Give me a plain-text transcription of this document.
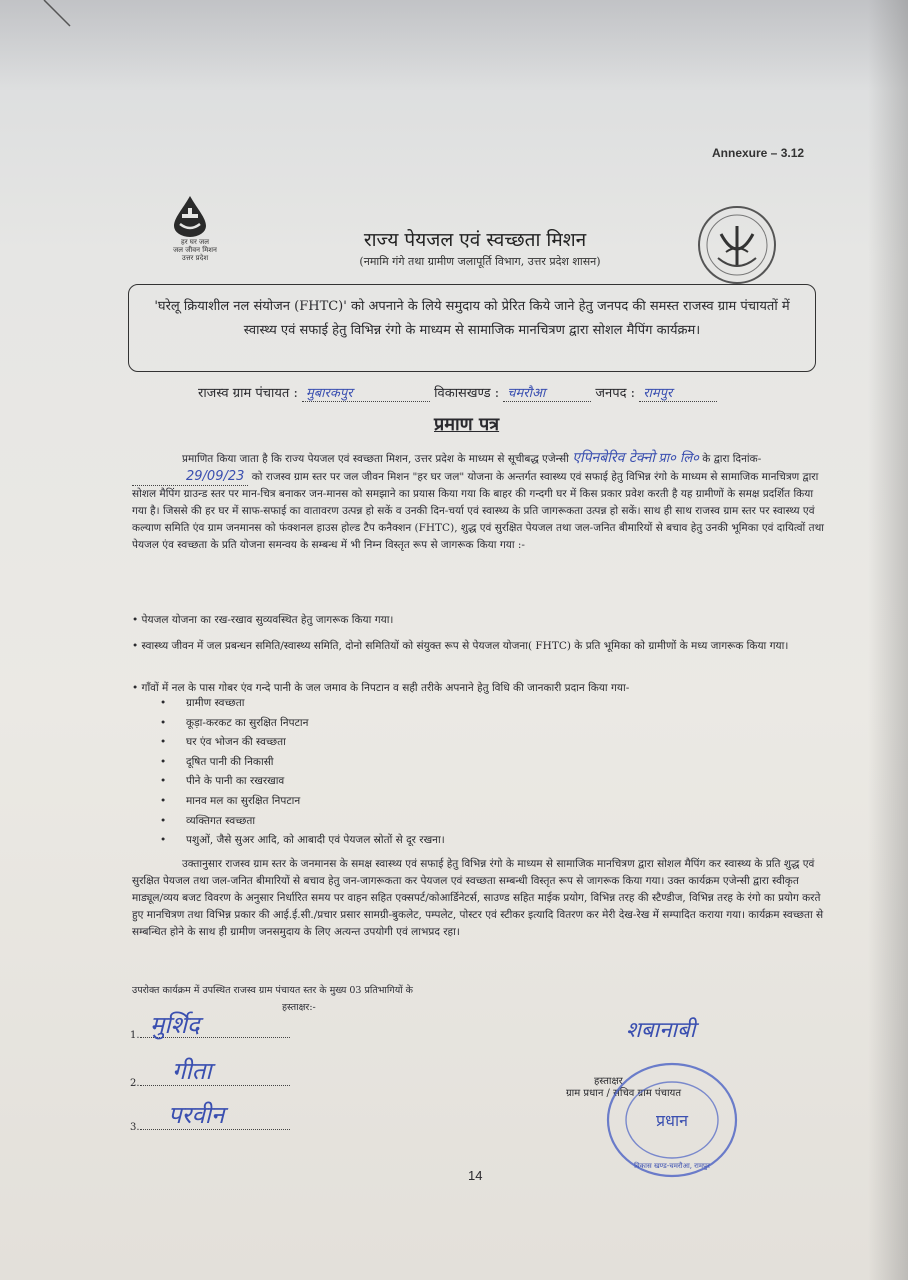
Annexure – 3.12
हर घर जल
जल जीवन मिशन
उत्तर प्रदेश
राज्य पेयजल एवं स्वच्छता मिशन
(नमामि गंगे तथा ग्रामीण जलापूर्ति विभाग, उत्तर प्रदेश शासन)
'घरेलू क्रियाशील नल संयोजन (FHTC)' को अपनाने के लिये समुदाय को प्रेरित किये जाने हेतु जनपद की समस्त राजस्व ग्राम पंचायतों में स्वास्थ्य एवं सफाई हेतु विभिन्न रंगो के माध्यम से सामाजिक मानचित्रण द्वारा सोशल मैपिंग कार्यक्रम।
राजस्व ग्राम पंचायत : मुबारकपुर	विकासखण्ड : चमरौआ	जनपद : रामपुर
प्रमाण पत्र
प्रमाणित किया जाता है कि राज्य पेयजल एवं स्वच्छता मिशन, उत्तर प्रदेश के माध्यम से सूचीबद्ध एजेन्सी एपिनबेरिव टेक्नो प्रा० लि० के द्वारा दिनांक- 29/09/23 को राजस्व ग्राम स्तर पर जल जीवन मिशन "हर घर जल" योजना के अन्तर्गत स्वास्थ्य एवं सफाई हेतु विभिन्न रंगो के माध्यम से सामाजिक मानचित्रण द्वारा सोशल मैपिंग ग्राउन्ड स्तर पर मान-चित्र बनाकर जन-मानस को समझाने का प्रयास किया गया कि बाहर की गन्दगी घर में किस प्रकार प्रवेश करती है यह ग्रामीणों के समक्ष प्रदर्शित किया गया है। जिससे की हर घर में साफ-सफाई का वातावरण उत्पन्न हो सकें व उनकी दिन-चर्या एवं स्वास्थ्य के प्रति जागरूकता उत्पन्न हो सकें। साथ ही साथ राजस्व ग्राम स्तर पर स्वास्थ्य एवं कल्याण समिति एंव ग्राम जनमानस को फंक्शनल हाउस होल्ड टैप कनैक्शन (FHTC), शुद्ध एवं सुरक्षित पेयजल तथा जल-जनित बीमारियों से बचाव हेतु उनकी भूमिका एवं दायित्वों तथा पेयजल एंव स्वच्छता के प्रति योजना समन्वय के सम्बन्ध में भी निम्न विस्तृत रूप से जागरूक किया गया :-
• पेयजल योजना का रख-रखाव सुव्यवस्थित हेतु जागरूक किया गया।
• स्वास्थ्य जीवन में जल प्रबन्धन समिति/स्वास्थ्य समिति, दोनो समितियों को संयुक्त रूप से पेयजल योजना( FHTC) के प्रति भूमिका को ग्रामीणों के मध्य जागरूक किया गया।
• गाँवों में नल के पास गोबर एंव गन्दे पानी के जल जमाव के निपटान व सही तरीके अपनाने हेतु विधि की जानकारी प्रदान किया गया-
• ग्रामीण स्वच्छता
• कूड़ा-करकट का सुरक्षित निपटान
• घर एंव भोजन की स्वच्छता
• दूषित पानी की निकासी
• पीने के पानी का रखरखाव
• मानव मल का सुरक्षित निपटान
• व्यक्तिगत स्वच्छता
• पशुओं, जैसे सुअर आदि, को आबादी एवं पेयजल स्रोतों से दूर रखना।
उक्तानुसार राजस्व ग्राम स्तर के जनमानस के समक्ष स्वास्थ्य एवं सफाई हेतु विभिन्न रंगो के माध्यम से सामाजिक मानचित्रण द्वारा सोशल मैपिंग कर स्वास्थ्य के प्रति शुद्ध एवं सुरक्षित पेयजल तथा जल-जनित बीमारियों से बचाव हेतु जन-जागरूकता कर पेयजल एवं स्वच्छता सम्बन्धी विस्तृत रूप से जागरूक किया गया। उक्त कार्यक्रम एजेन्सी द्वारा स्वीकृत माड्यूल/व्यय बजट विवरण के अनुसार निर्धारित समय पर वाहन सहित एक्सपर्ट/कोआर्डिनेटर्स, साउण्ड सहित माईक प्रयोग, विभिन्न तरह की स्टैण्डीज, विभिन्न तरह के रंगो का प्रयोग करते हुए मानचित्रण तथा विभिन्न प्रकार की आई.ई.सी./प्रचार प्रसार सामग्री-बुकलेट, पम्पलेट, पोस्टर एवं स्टीकर इत्यादि वितरण कर मेरी देख-रेख में सम्पादित कराया गया। कार्यक्रम स्वच्छता से सम्बन्धित होने के साथ ही ग्रामीण जनसमुदाय के लिए अत्यन्त उपयोगी एवं लाभप्रद रहा।
उपरोक्त कार्यक्रम में उपस्थित राजस्व ग्राम पंचायत स्तर के मुख्य 03 प्रतिभागियों के
हस्ताक्षर:-
1. मुर्शिद
2.	गीता
3.	परवीन
शबानाबी
हस्ताक्षर
ग्राम प्रधान / सचिव ग्राम पंचायत
प्रधान
विकास खण्ड-चमरौआ, रामपुर
14
